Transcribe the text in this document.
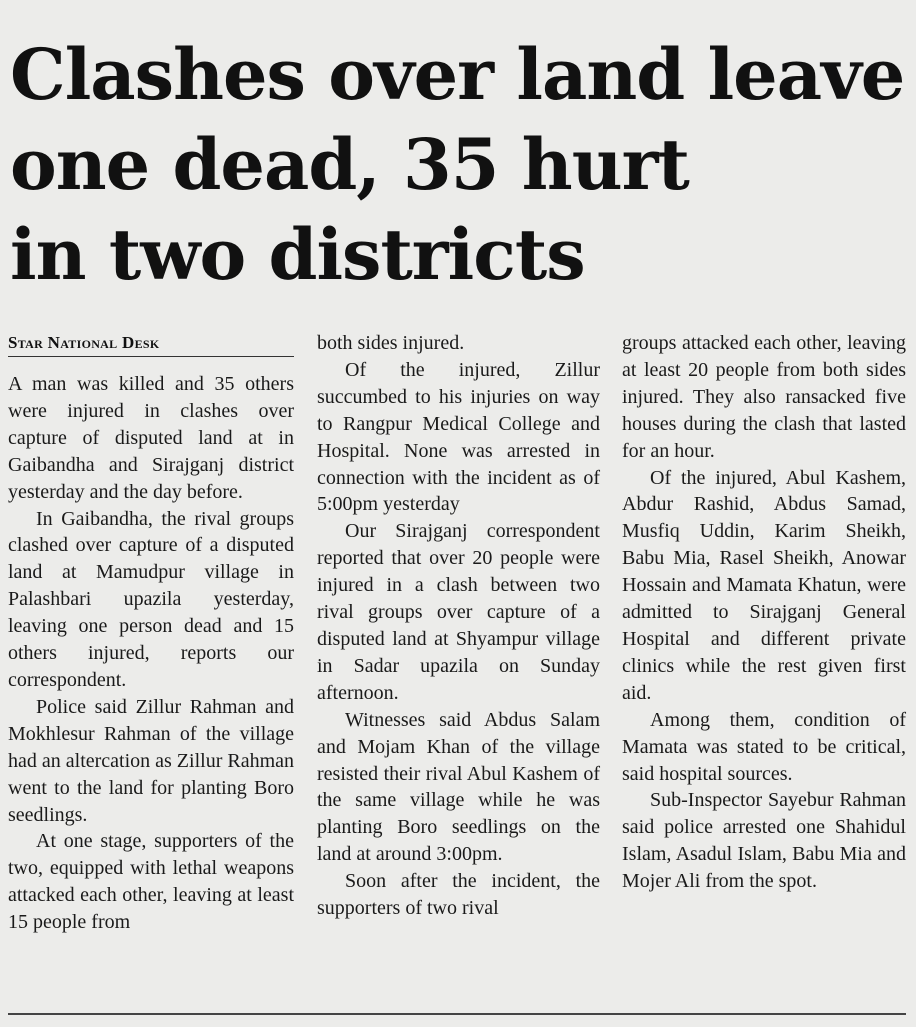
Clashes over land leave
one dead, 35 hurt
in two districts
Star National Desk

A man was killed and 35 others were injured in clashes over capture of disputed land at in Gaibandha and Sirajganj district yesterday and the day before.

In Gaibandha, the rival groups clashed over capture of a disputed land at Mamudpur village in Palashbari upazila yesterday, leaving one person dead and 15 others injured, reports our correspondent.

Police said Zillur Rahman and Mokhlesur Rahman of the village had an altercation as Zillur Rahman went to the land for planting Boro seedlings.

At one stage, supporters of the two, equipped with lethal weapons attacked each other, leaving at least 15 people from

both sides injured.

Of the injured, Zillur succumbed to his injuries on way to Rangpur Medical College and Hospital. None was arrested in connection with the incident as of 5:00pm yesterday

Our Sirajganj correspondent reported that over 20 people were injured in a clash between two rival groups over capture of a disputed land at Shyampur village in Sadar upazila on Sunday afternoon.

Witnesses said Abdus Salam and Mojam Khan of the village resisted their rival Abul Kashem of the same village while he was planting Boro seedlings on the land at around 3:00pm.

Soon after the incident, the supporters of two rival

groups attacked each other, leaving at least 20 people from both sides injured. They also ransacked five houses during the clash that lasted for an hour.

Of the injured, Abul Kashem, Abdur Rashid, Abdus Samad, Musfiq Uddin, Karim Sheikh, Babu Mia, Rasel Sheikh, Anowar Hossain and Mamata Khatun, were admitted to Sirajganj General Hospital and different private clinics while the rest given first aid.

Among them, condition of Mamata was stated to be critical, said hospital sources.

Sub-Inspector Sayebur Rahman said police arrested one Shahidul Islam, Asadul Islam, Babu Mia and Mojer Ali from the spot.
